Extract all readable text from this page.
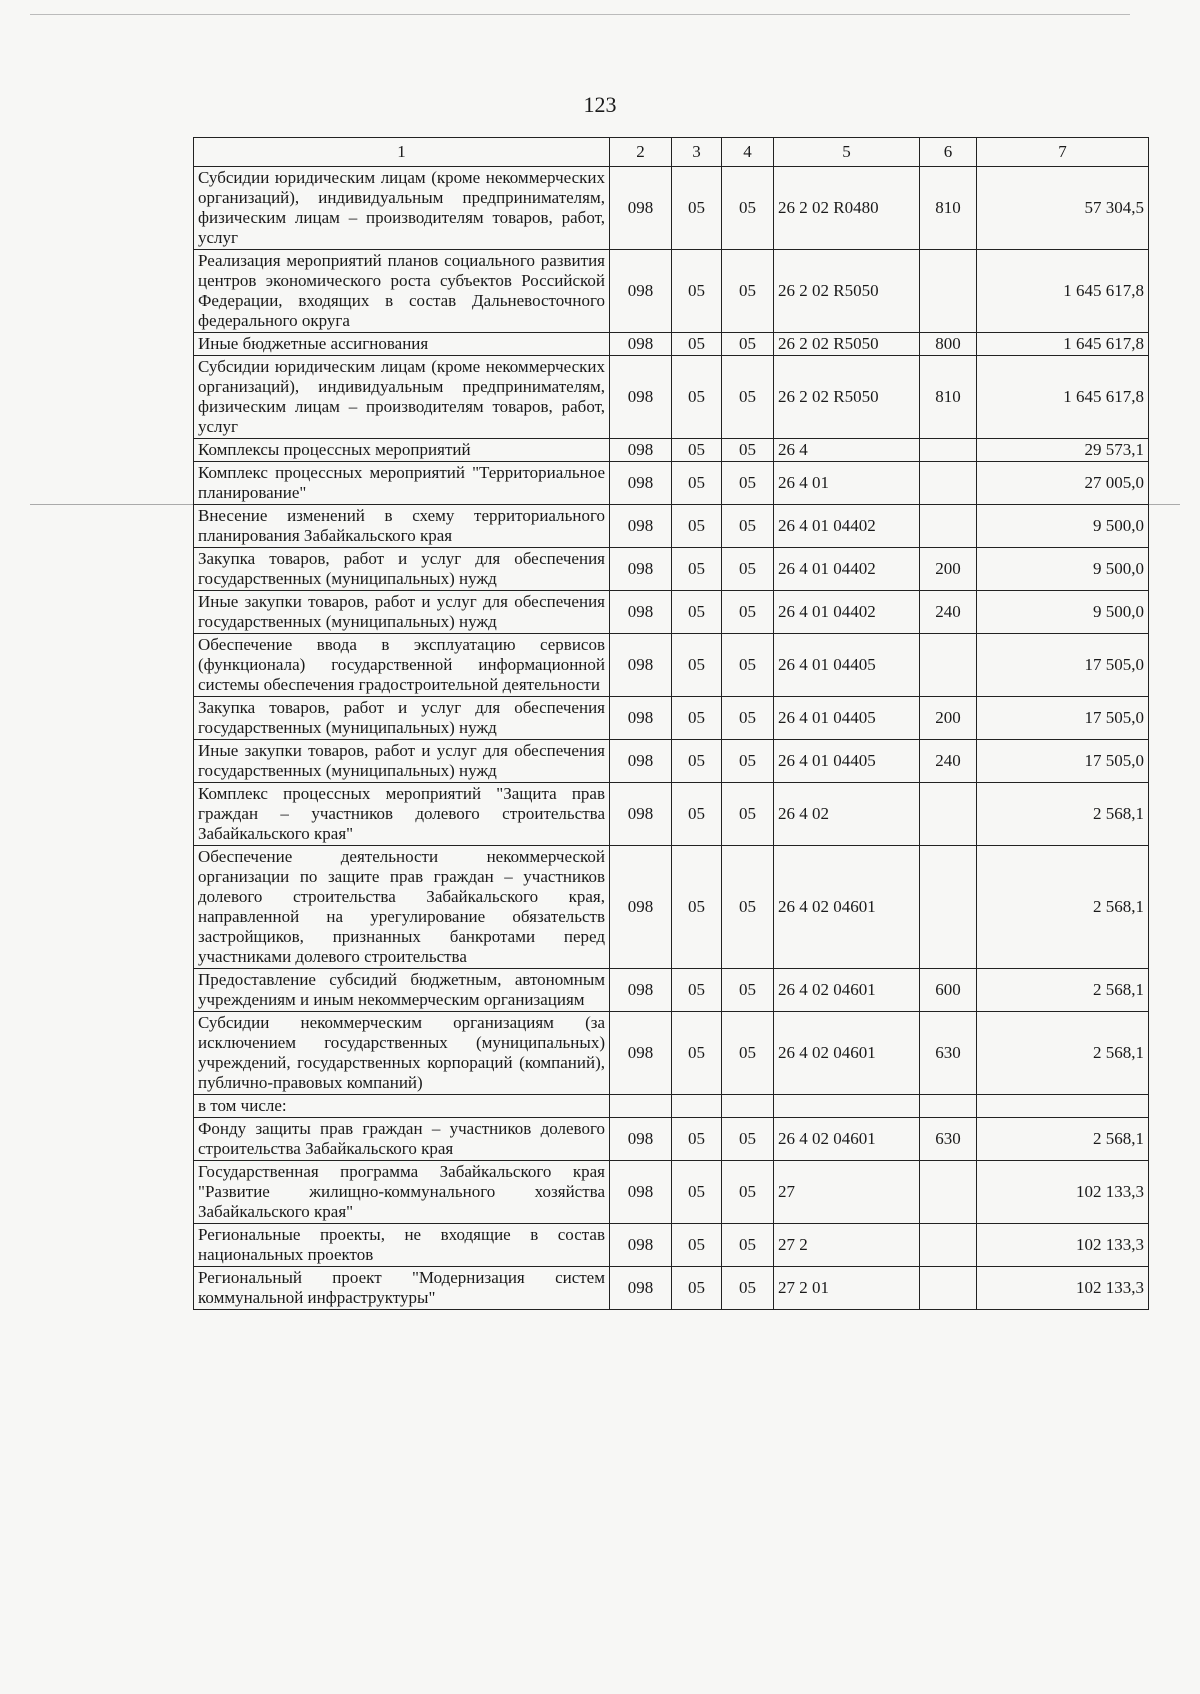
123
1	2	3	4	5	6	7
Субсидии юридическим лицам (кроме некоммерческих организаций), индивидуальным предпринимателям, физическим лицам – производителям товаров, работ, услуг	098	05	05	26 2 02 R0480	810	57 304,5
Реализация мероприятий планов социального развития центров экономического роста субъектов Российской Федерации, входящих в состав Дальневосточного федерального округа	098	05	05	26 2 02 R5050		1 645 617,8
Иные бюджетные ассигнования	098	05	05	26 2 02 R5050	800	1 645 617,8
Субсидии юридическим лицам (кроме некоммерческих организаций), индивидуальным предпринимателям, физическим лицам – производителям товаров, работ, услуг	098	05	05	26 2 02 R5050	810	1 645 617,8
Комплексы процессных мероприятий	098	05	05	26 4		29 573,1
Комплекс процессных мероприятий "Территориальное планирование"	098	05	05	26 4 01		27 005,0
Внесение изменений в схему территориального планирования Забайкальского края	098	05	05	26 4 01 04402		9 500,0
Закупка товаров, работ и услуг для обеспечения государственных (муниципальных) нужд	098	05	05	26 4 01 04402	200	9 500,0
Иные закупки товаров, работ и услуг для обеспечения государственных (муниципальных) нужд	098	05	05	26 4 01 04402	240	9 500,0
Обеспечение ввода в эксплуатацию сервисов (функционала) государственной информационной системы обеспечения градостроительной деятельности	098	05	05	26 4 01 04405		17 505,0
Закупка товаров, работ и услуг для обеспечения государственных (муниципальных) нужд	098	05	05	26 4 01 04405	200	17 505,0
Иные закупки товаров, работ и услуг для обеспечения государственных (муниципальных) нужд	098	05	05	26 4 01 04405	240	17 505,0
Комплекс процессных мероприятий "Защита прав граждан – участников долевого строительства Забайкальского края"	098	05	05	26 4 02		2 568,1
Обеспечение деятельности некоммерческой организации по защите прав граждан – участников долевого строительства Забайкальского края, направленной на урегулирование обязательств застройщиков, признанных банкротами перед участниками долевого строительства	098	05	05	26 4 02 04601		2 568,1
Предоставление субсидий бюджетным, автономным учреждениям и иным некоммерческим организациям	098	05	05	26 4 02 04601	600	2 568,1
Субсидии некоммерческим организациям (за исключением государственных (муниципальных) учреждений, государственных корпораций (компаний), публично-правовых компаний)	098	05	05	26 4 02 04601	630	2 568,1
в том числе:						
Фонду защиты прав граждан – участников долевого строительства Забайкальского края	098	05	05	26 4 02 04601	630	2 568,1
Государственная программа Забайкальского края "Развитие жилищно-коммунального хозяйства Забайкальского края"	098	05	05	27		102 133,3
Региональные проекты, не входящие в состав национальных проектов	098	05	05	27 2		102 133,3
Региональный проект "Модернизация систем коммунальной инфраструктуры"	098	05	05	27 2 01		102 133,3
